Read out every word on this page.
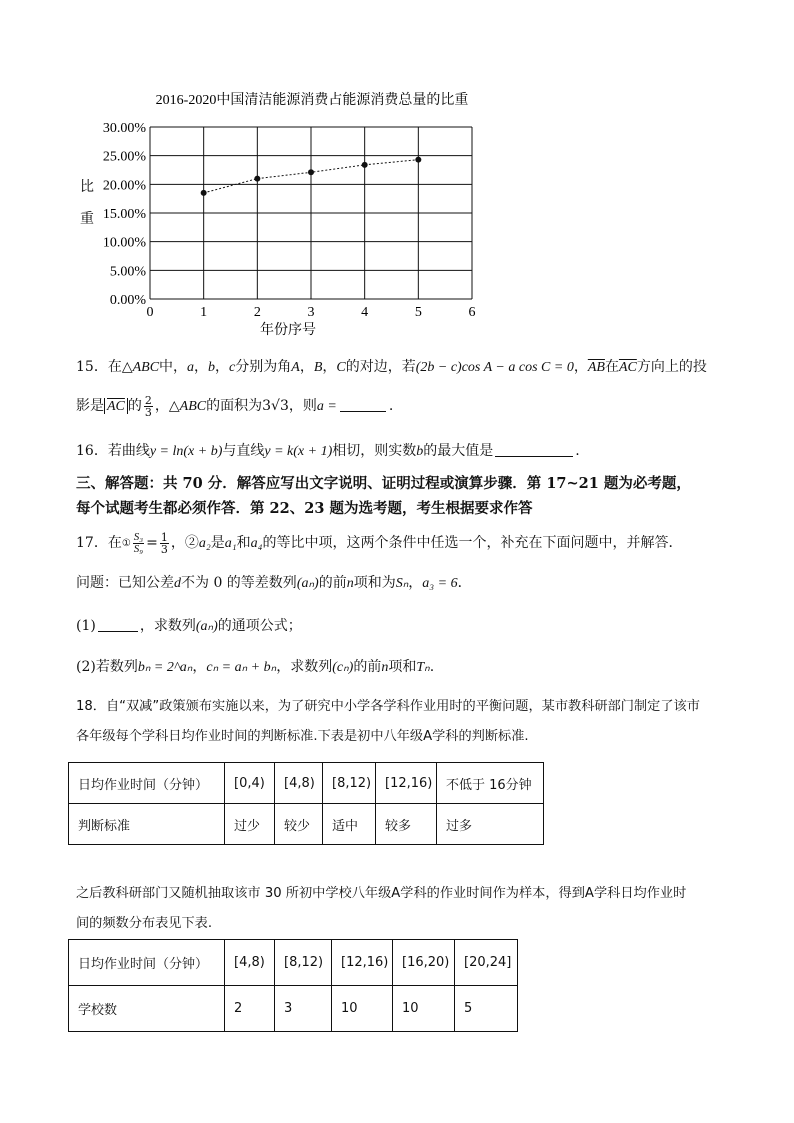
2016-2020中国清洁能源消费占能源消费总量的比重
0.00%
5.00%
10.00%
15.00%
20.00%
25.00%
30.00%
0	1	2	3	4	5	6
比
重
年份序号
15．在△ABC中，a，b，c分别为角A，B，C的对边，若(2b − c)cos A − a cos C = 0，$\overline{AB}$在$\overline{AC}$方向上的投
影是 $\overline{AC}$ 的 $\frac{2}{3}$ ，△ABC的面积为3√3，则a =	.
16．若曲线y = ln(x + b)与直线y = k(x + 1)相切，则实数b的最大值是	.
三、解答题：共 70 分．解答应写出文字说明、证明过程或演算步骤．第 17~21 题为必考题，
每个试题考生都必须作答．第 22、23 题为选考题，考生根据要求作答
17．在① $\frac{\text{S₃}}{\text{S₉}} = \frac{1}{3}$ ，②a₂是a₁和a₄的等比中项，这两个条件中任选一个，补充在下面问题中，并解答．
问题：已知公差d不为 0 的等差数列(aₙ)的前n项和为Sₙ，a₃ = 6．
(1)	，求数列(aₙ)的通项公式；
(2)若数列bₙ = 2^aₙ，cₙ = aₙ + bₙ，求数列(cₙ)的前n项和Tₙ.
18．自“双减”政策颁布实施以来，为了研究中小学各学科作业用时的平衡问题，某市教科研部门制定了该市
各年级每个学科日均作业时间的判断标准.下表是初中八年级A学科的判断标准.
日均作业时间（分钟）	[0,4)	[4,8)	[8,12)	[12,16)	不低于 16分钟
判断标准	过少	较少	适中	较多	过多
之后教科研部门又随机抽取该市 30 所初中学校八年级A学科的作业时间作为样本，得到A学科日均作业时
间的频数分布表见下表.
日均作业时间（分钟）	[4,8)	[8,12)	[12,16)	[16,20)	[20,24]
学校数	2	3	10	10	5
